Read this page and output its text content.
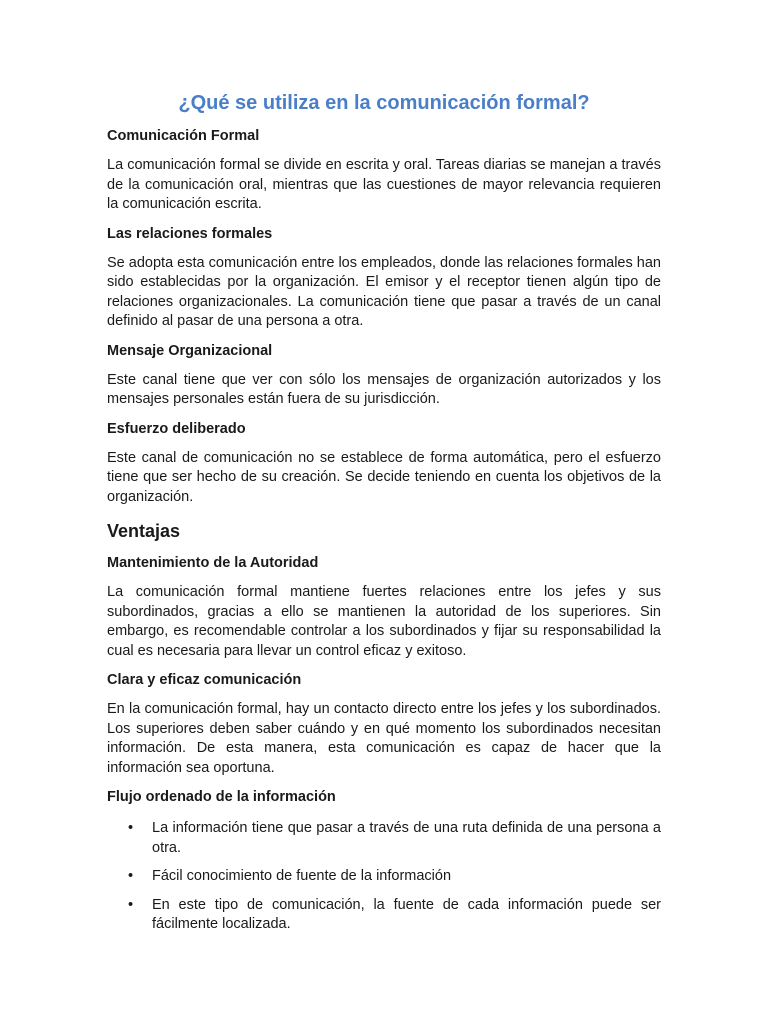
¿Qué se utiliza en la comunicación formal?
Comunicación Formal

La comunicación formal se divide en escrita y oral. Tareas diarias se manejan a través de la comunicación oral, mientras que las cuestiones de mayor relevancia requieren la comunicación escrita.

Las relaciones formales

Se adopta esta comunicación entre los empleados, donde las relaciones formales han sido establecidas por la organización. El emisor y el receptor tienen algún tipo de relaciones organizacionales. La comunicación tiene que pasar a través de un canal definido al pasar de una persona a otra.

Mensaje Organizacional

Este canal tiene que ver con sólo los mensajes de organización autorizados y los mensajes personales están fuera de su jurisdicción.

Esfuerzo deliberado

Este canal de comunicación no se establece de forma automática, pero el esfuerzo tiene que ser hecho de su creación. Se decide teniendo en cuenta los objetivos de la organización.

Ventajas
Mantenimiento de la Autoridad

La comunicación formal mantiene fuertes relaciones entre los jefes y sus subordinados, gracias a ello se mantienen la autoridad de los superiores. Sin embargo, es recomendable controlar a los subordinados y fijar su responsabilidad la cual es necesaria para llevar un control eficaz y exitoso.

Clara y eficaz comunicación

En la comunicación formal, hay un contacto directo entre los jefes y los subordinados. Los superiores deben saber cuándo y en qué momento los subordinados necesitan información. De esta manera, esta comunicación es capaz de hacer que la información sea oportuna.

Flujo ordenado de la información
• La información tiene que pasar a través de una ruta definida de una persona a otra.
• Fácil conocimiento de fuente de la información
• En este tipo de comunicación, la fuente de cada información puede ser fácilmente localizada.
